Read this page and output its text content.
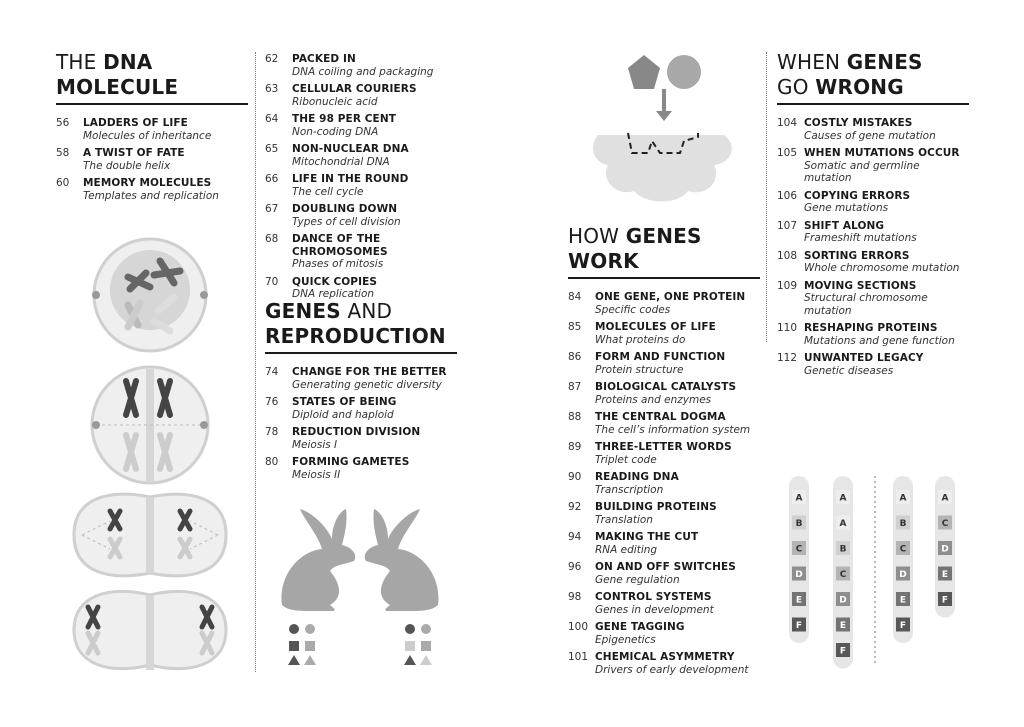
THE DNA
MOLECULE
56	LADDERS OF LIFE
Molecules of inheritance
58	A TWIST OF FATE
The double helix
60	MEMORY MOLECULES
Templates and replication
62	PACKED IN
DNA coiling and packaging
63	CELLULAR COURIERS
Ribonucleic acid
64	THE 98 PER CENT
Non-coding DNA
65	NON-NUCLEAR DNA
Mitochondrial DNA
66	LIFE IN THE ROUND
The cell cycle
67	DOUBLING DOWN
Types of cell division
68	DANCE OF THE CHROMOSOMES
Phases of mitosis
70	QUICK COPIES
DNA replication
GENES AND
REPRODUCTION
74	CHANGE FOR THE BETTER
Generating genetic diversity
76	STATES OF BEING
Diploid and haploid
78	REDUCTION DIVISION
Meiosis I
80	FORMING GAMETES
Meiosis II
HOW GENES
WORK
84	ONE GENE, ONE PROTEIN
Specific codes
85	MOLECULES OF LIFE
What proteins do
86	FORM AND FUNCTION
Protein structure
87	BIOLOGICAL CATALYSTS
Proteins and enzymes
88	THE CENTRAL DOGMA
The cell’s information system
89	THREE-LETTER WORDS
Triplet code
90	READING DNA
Transcription
92	BUILDING PROTEINS
Translation
94	MAKING THE CUT
RNA editing
96	ON AND OFF SWITCHES
Gene regulation
98	CONTROL SYSTEMS
Genes in development
100 GENE TAGGING
Epigenetics
101 CHEMICAL ASYMMETRY
Drivers of early development
WHEN GENES
GO WRONG
104 COSTLY MISTAKES
Causes of gene mutation
105 WHEN MUTATIONS OCCUR
Somatic and germline mutation
106 COPYING ERRORS
Gene mutations
107 SHIFT ALONG
Frameshift mutations
108 SORTING ERRORS
Whole chromosome mutation
109 MOVING SECTIONS
Structural chromosome mutation
110 RESHAPING PROTEINS
Mutations and gene function
112 UNWANTED LEGACY
Genetic diseases
A
B
C
D
E
F
A
A
B
C
D
E
F
A
B
C
D
E
F
A
C
D
E
F
